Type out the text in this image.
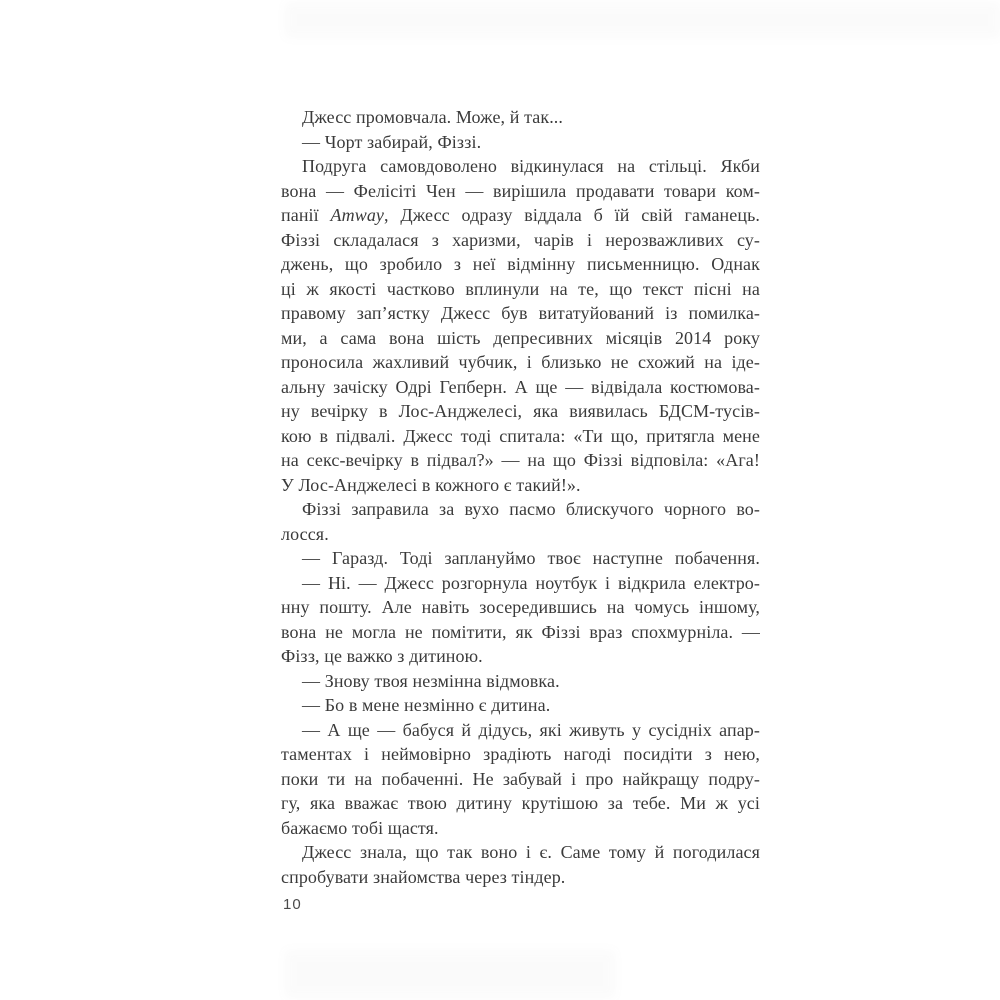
Джесс промовчала. Може, й так...
— Чорт забирай, Фіззі.
Подруга самовдоволено відкинулася на стільці. Якби
вона — Фелісіті Чен — вирішила продавати товари ком-
панії Amway, Джесс одразу віддала б їй свій гаманець.
Фіззі складалася з харизми, чарів і нерозважливих су-
джень, що зробило з неї відмінну письменницю. Однак
ці ж якості частково вплинули на те, що текст пісні на
правому зап’ястку Джесс був витатуйований із помилка-
ми, а сама вона шість депресивних місяців 2014 року
проносила жахливий чубчик, і близько не схожий на іде-
альну зачіску Одрі Гепберн. А ще — відвідала костюмова-
ну вечірку в Лос-Анджелесі, яка виявилась БДСМ-тусів-
кою в підвалі. Джесс тоді спитала: «Ти що, притягла мене
на секс-вечірку в підвал?» — на що Фіззі відповіла: «Ага!
У Лос-Анджелесі в кожного є такий!».
Фіззі заправила за вухо пасмо блискучого чорного во-
лосся.
— Гаразд. Тоді заплануймо твоє наступне побачення.
— Ні. — Джесс розгорнула ноутбук і відкрила електро-
нну пошту. Але навіть зосередившись на чомусь іншому,
вона не могла не помітити, як Фіззі враз спохмурніла. —
Фізз, це важко з дитиною.
— Знову твоя незмінна відмовка.
— Бо в мене незмінно є дитина.
— А ще — бабуся й дідусь, які живуть у сусідніх апар-
таментах і неймовірно зрадіють нагоді посидіти з нею,
поки ти на побаченні. Не забувай і про найкращу подру-
гу, яка вважає твою дитину крутішою за тебе. Ми ж усі
бажаємо тобі щастя.
Джесс знала, що так воно і є. Саме тому й погодилася
спробувати знайомства через тіндер.
10
